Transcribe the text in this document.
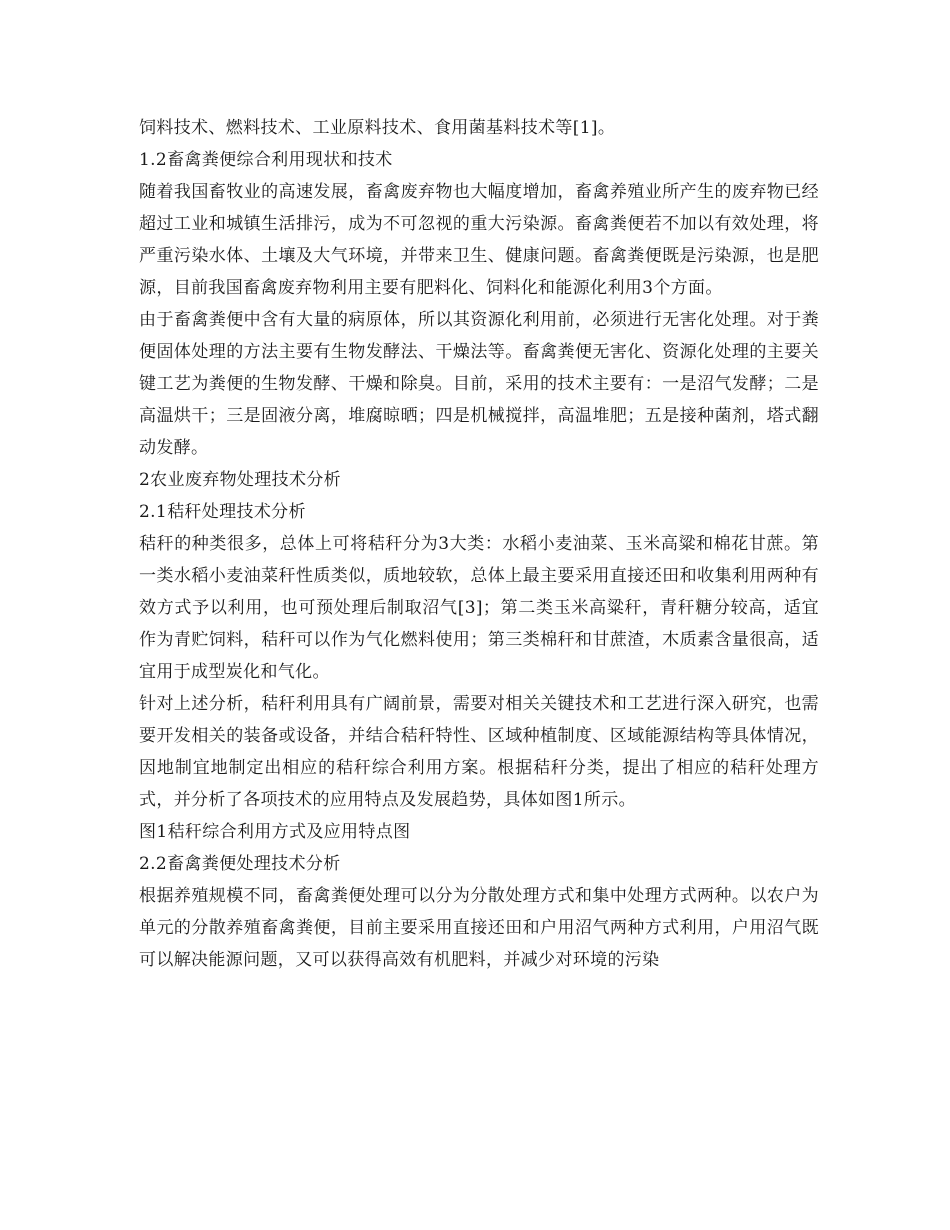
饲料技术、燃料技术、工业原料技术、食用菌基料技术等[1]。

1.2畜禽粪便综合利用现状和技术

随着我国畜牧业的高速发展，畜禽废弃物也大幅度增加，畜禽养殖业所产生的废弃物已经超过工业和城镇生活排污，成为不可忽视的重大污染源。畜禽粪便若不加以有效处理，将严重污染水体、土壤及大气环境，并带来卫生、健康问题。畜禽粪便既是污染源，也是肥源，目前我国畜禽废弃物利用主要有肥料化、饲料化和能源化利用3个方面。

由于畜禽粪便中含有大量的病原体，所以其资源化利用前，必须进行无害化处理。对于粪便固体处理的方法主要有生物发酵法、干燥法等。畜禽粪便无害化、资源化处理的主要关键工艺为粪便的生物发酵、干燥和除臭。目前，采用的技术主要有：一是沼气发酵；二是高温烘干；三是固液分离，堆腐晾晒；四是机械搅拌，高温堆肥；五是接种菌剂，塔式翻动发酵。

2农业废弃物处理技术分析
2.1秸秆处理技术分析

秸秆的种类很多，总体上可将秸秆分为3大类：水稻小麦油菜、玉米高粱和棉花甘蔗。第一类水稻小麦油菜秆性质类似，质地较软，总体上最主要采用直接还田和收集利用两种有效方式予以利用，也可预处理后制取沼气[3]；第二类玉米高粱秆，青秆糖分较高，适宜作为青贮饲料，秸秆可以作为气化燃料使用；第三类棉秆和甘蔗渣，木质素含量很高，适宜用于成型炭化和气化。

针对上述分析，秸秆利用具有广阔前景，需要对相关关键技术和工艺进行深入研究，也需要开发相关的装备或设备，并结合秸秆特性、区域种植制度、区域能源结构等具体情况，因地制宜地制定出相应的秸秆综合利用方案。根据秸秆分类，提出了相应的秸秆处理方式，并分析了各项技术的应用特点及发展趋势，具体如图1所示。

图1秸秆综合利用方式及应用特点图

2.2畜禽粪便处理技术分析

根据养殖规模不同，畜禽粪便处理可以分为分散处理方式和集中处理方式两种。以农户为单元的分散养殖畜禽粪便，目前主要采用直接还田和户用沼气两种方式利用，户用沼气既可以解决能源问题，又可以获得高效有机肥料，并减少对环境的污染
